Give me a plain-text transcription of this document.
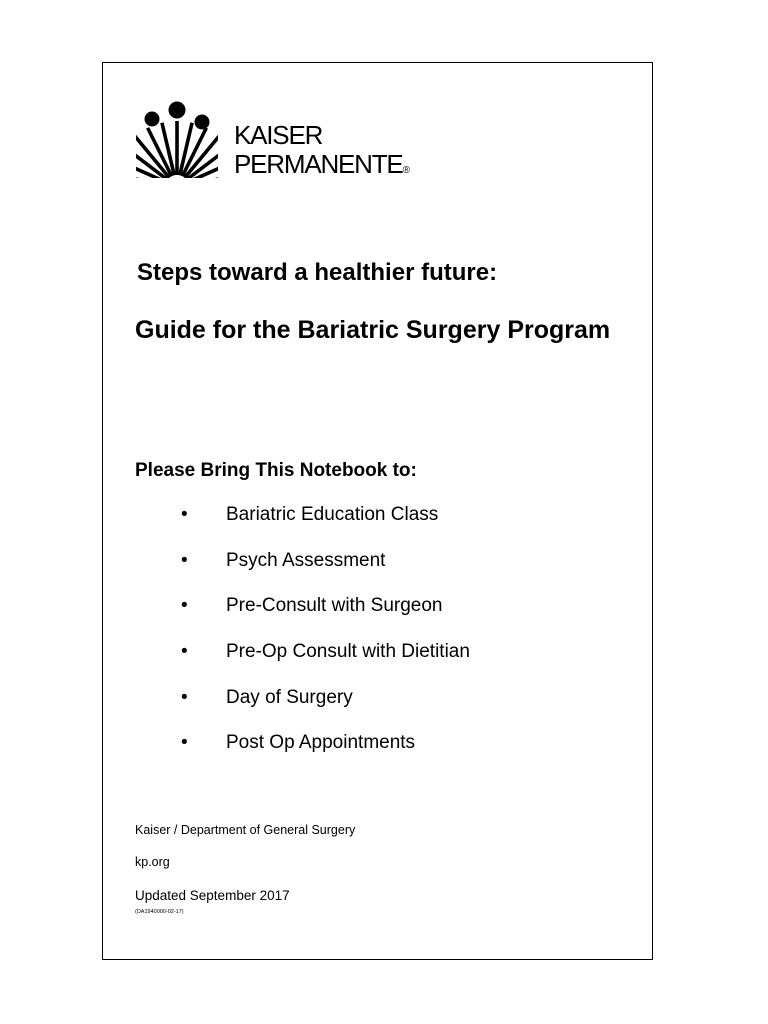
KAISER
PERMANENTE®
Steps toward a healthier future:
Guide for the Bariatric Surgery Program
Please Bring This Notebook to:
• Bariatric Education Class
• Psych Assessment
• Pre-Consult with Surgeon
• Pre-Op Consult with Dietitian
• Day of Surgery
• Post Op Appointments
Kaiser / Department of General Surgery
kp.org
Updated September 2017
(DA1940000-02-17)
